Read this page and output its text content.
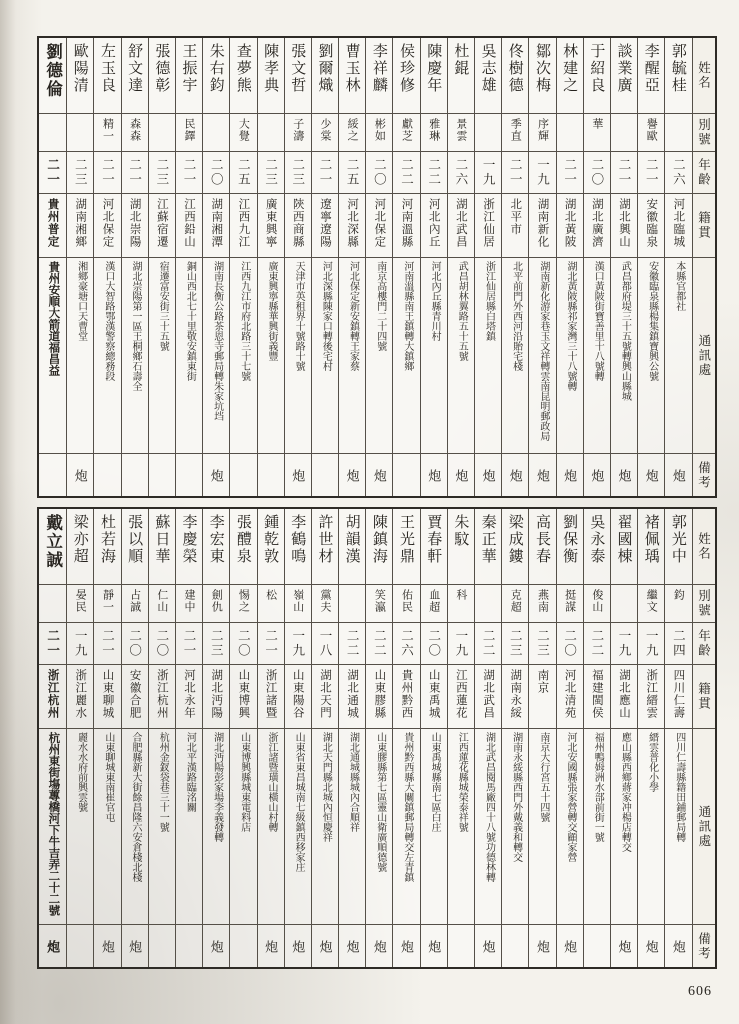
姓名
別號
年齡
籍貫
通訊處
備考
郭毓桂
二六
河北臨城
本縣官都社
炮
李醒亞
譽歐
二一
安徽臨泉
安徽臨泉縣楊集鎮寶興公號
炮
談業廣
二一
湖北興山
武昌都府堤三十五號轉興山縣城
炮
于紹良
華
二〇
湖北廣濟
漢口黃陂街寶善里十八號轉
炮
林建之
二一
湖北黃陂
湖北黃陂縣祁家灣三十八號轉
炮
鄒次梅
序輝
一九
湖南新化
湖南新化游家巷玉文祥轉雲南昆明郵政局
炮
佟樹德
季直
二一
北平市
北平前門外西河沿貽宅棧
炮
吳志雄
一九
浙江仙居
浙江仙居縣白塔鎮
炮
杜錕
景雲
二六
湖北武昌
武昌胡林翼路五十五號
炮
陳慶年
雅琳
二二
河北內丘
河北內丘縣青川村
炮
侯珍修
獻芝
二二
河南溫縣
河南溫縣南王鎮轉大鎮鄉
李祥麟
彬如
二〇
河北保定
南京高樓門二十四號
炮
曹玉林
綏之
二五
河北深縣
河北保定新安鎮轉王家蔡
炮
劉爾熾
少棠
二一
遼寧遼陽
河北深縣陳家口轉後宅村
張文哲
子濤
二三
陝西商縣
天津市英租界十號路十號
炮
陳孝典
二三
廣東興寧
廣東興寧縣華興街義豐
查夢熊
大覺
二五
江西九江
江西九江市府北路三十七號
朱右鈞
二〇
湖南湘潭
湖南長衡公路茶恩寺郵局轉朱家坑垱
炮
王振宇
民鐸
二一
江西鉛山
銅山西北七十里敬安鎮東街
張德彰
二三
江蘇宿遷
宿遷富安街三十五號
舒文達
森森
二一
湖北崇陽
湖北崇陽第一區王桐鄉石壽全
左玉良
精一
二一
河北保定
漢口大智路鄂漢警察總務段
歐陽清
二三
湖南湘鄉
湘鄉豪塘口天曹堂
炮
劉德倫
二一
貴州普定
貴州安順大箭道福昌益
姓名
別號
年齡
籍貫
通訊處
備考
郭光中
鈞
二四
四川仁壽
四川仁壽縣籍田鋪郵局轉
炮
褚佩瑀
繼文
一九
浙江縉雲
縉雲普化小學
炮
翟國棟
一九
湖北應山
應山縣西鄉蔣家冲楊店轉交
炮
吳永泰
俊山
二二
福建閩侯
福州鴨姆洲水部前街一號
劉保衡
挺謀
二〇
河北清苑
河北安國縣張家營轉交顧家營
炮
高長春
燕南
二三
南京
南京大行宮五十四號
炮
梁成鏤
克超
二三
湖南永綏
湖南永綏縣西門外戴義和轉交
秦正華
二二
湖北武昌
湖北武昌閱馬廠四十八號功德林轉
炮
朱馼
科
一九
江西蓮花
江西蓮花縣城榮泰祥號
賈春軒
血超
二〇
山東禹城
山東禹城縣南七區白庄
炮
王光鼎
佑民
二六
貴州黔西
貴州黔西縣大關鎮郵局轉交左青鎮
炮
陳鎮海
笑瀛
二二
山東膠縣
山東膠縣第七區靈山衛廣順德號
炮
胡韻漢
二二
湖北通城
湖北通城縣城內合順祥
炮
許世材
黨夫
一八
湖北天門
湖北天門縣北城內恒慶祥
炮
李鶴鳴
嶺山
一九
山東陽谷
山東省東昌城南七級鎮西移家庄
炮
鍾乾敦
松
二一
浙江諸暨
浙江諸暨璜山橫山村轉
炮
張醴泉
惕之
二〇
山東博興
山東博興縣城東電料店
李宏東
劍仇
二三
湖北沔陽
湖北沔陽彭家場李義發轉
炮
李慶榮
建中
二一
河北永年
河北平漢路臨洺關
蘇日華
仁山
二〇
浙江杭州
杭州金釵袋巷三十一號
張以順
占誠
二〇
安徽合肥
合肥縣新大街餘昌隆六安倉棧北棧
炮
杜若海
靜一
二一
山東聊城
山東聊城東南崔官屯
炮
梁亦超
晏民
一九
浙江麗水
麗水水府前興雲號
戴立誠
二一
浙江杭州
杭州東街塲蓴橋河下牛吉弄二十二號
炮
606
